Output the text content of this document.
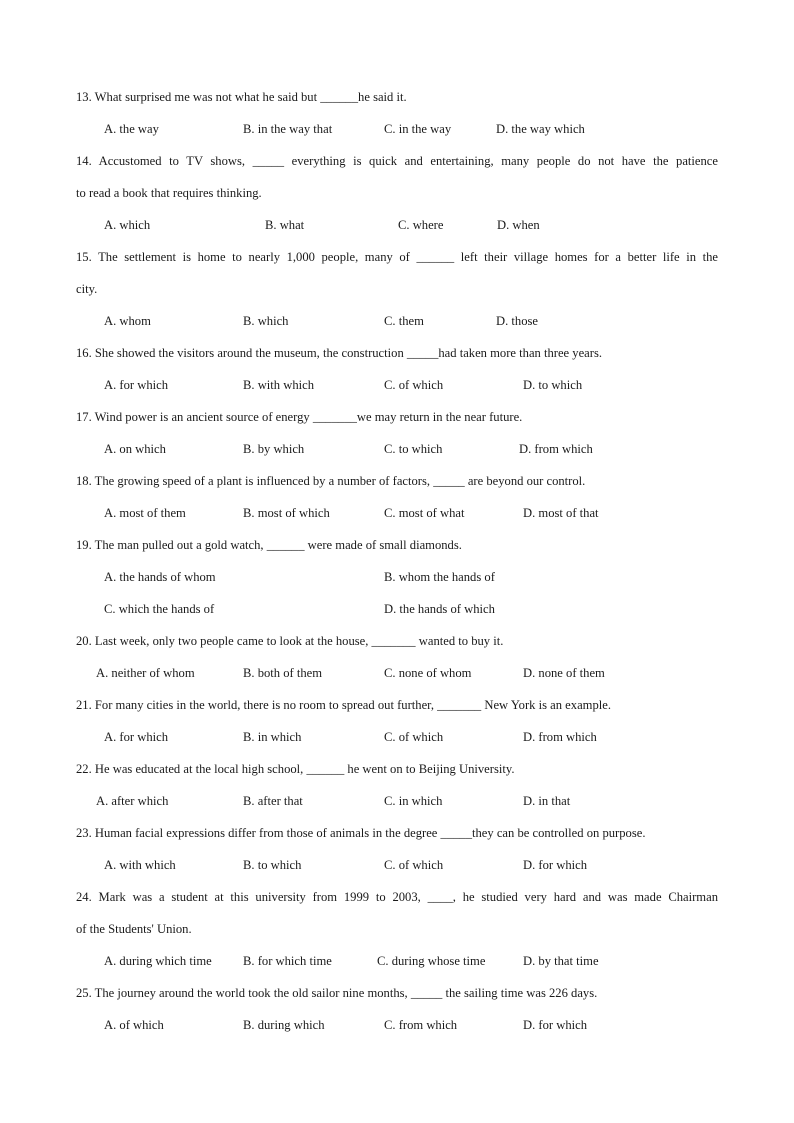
13. What surprised me was not what he said but ______he said it.
A. the way	B. in the way that	C. in the way	D. the way which
14. Accustomed to TV shows, _____ everything is quick and entertaining, many people do not have the patience
to read a book that requires thinking.
A. which	B. what	C. where	D. when
15. The settlement is home to nearly 1,000 people, many of ______ left their village homes for a better life in the
city.
A. whom	B. which	C. them	D. those
16. She showed the visitors around the museum, the construction _____had taken more than three years.
A. for which	B. with which	C. of which	D. to which
17. Wind power is an ancient source of energy _______we may return in the near future.
A. on which	B. by which	C. to which	D. from which
18. The growing speed of a plant is influenced by a number of factors, _____ are beyond our control.
A. most of them	B. most of which	C. most of what	D. most of that
19. The man pulled out a gold watch, ______ were made of small diamonds.
A. the hands of whom	B. whom the hands of
C. which the hands of	D. the hands of which
20. Last week, only two people came to look at the house, _______ wanted to buy it.
A. neither of whom	B. both of them	C. none of whom	D. none of them
21. For many cities in the world, there is no room to spread out further, _______ New York is an example.
A. for which	B. in which	C. of which	D. from which
22. He was educated at the local high school, ______ he went on to Beijing University.
A. after which	B. after that	C. in which	D. in that
23. Human facial expressions differ from those of animals in the degree _____they can be controlled on purpose.
A. with which	B. to which	C. of which	D. for which
24. Mark was a student at this university from 1999 to 2003, ____, he studied very hard and was made Chairman
of the Students' Union.
A. during which time B. for which time	C. during whose time	D. by that time
25. The journey around the world took the old sailor nine months, _____ the sailing time was 226 days.
A. of which	B. during which	C. from which	D. for which
